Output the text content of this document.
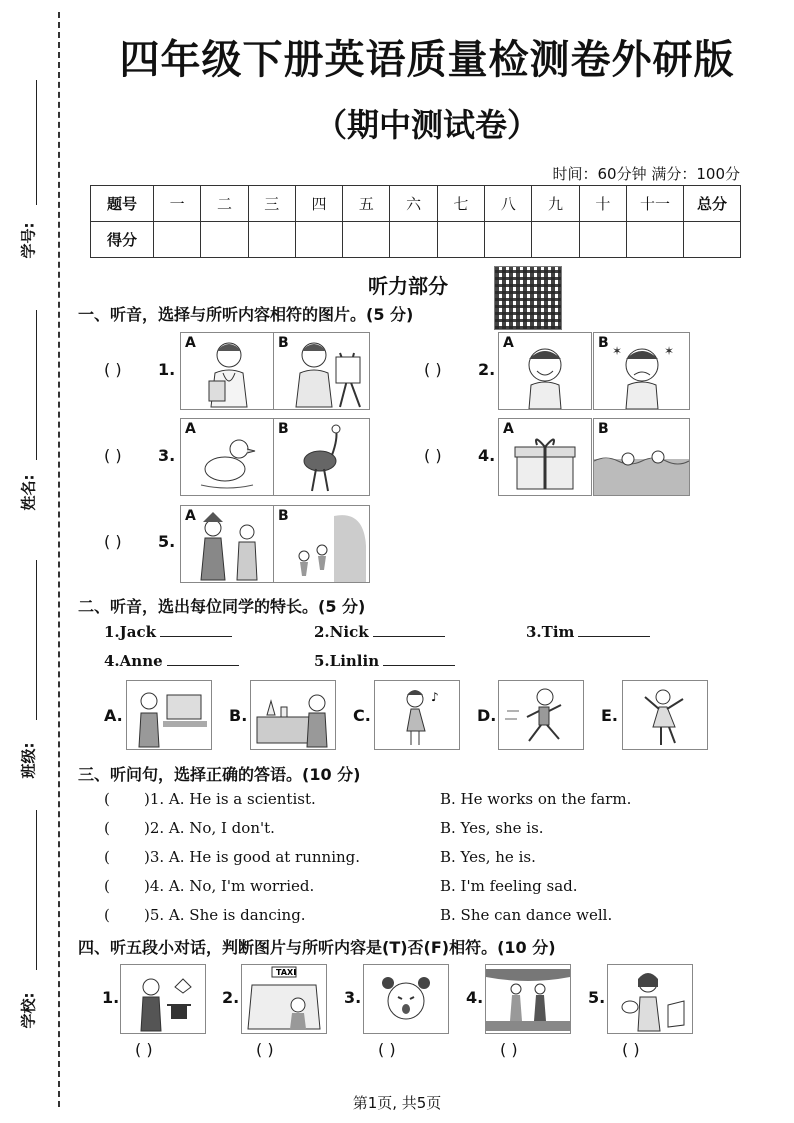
学号:
姓名:
班级:
学校:
四年级下册英语质量检测卷外研版
（期中测试卷）
时间：60分钟 满分：100分
题号	一	二	三	四	五	六	七	八	九	十	十一	总分
得分												
听力部分
一、听音，选择与所听内容相符的图片。(5 分)
( ) 1.
A	B
( ) 2.
A	B	✶
✶
( ) 3.
A	B
( ) 4.
A	B
( ) 5.
A	B
二、听音，选出每位同学的特长。(5 分)
1.Jack	2.Nick	3.Tim
4.Anne	5.Linlin
A.	B.	C.
♪
D.	E.
三、听问句，选择正确的答语。(10 分)
( )1. A. He is a scientist.	B. He works on the farm.
( )2. A. No, I don't.	B. Yes, she is.
( )3. A. He is good at running.	B. Yes, he is.
( )4. A. No, I'm worried.	B. I'm feeling sad.
( )5. A. She is dancing.	B. She can dance well.
四、听五段小对话，判断图片与所听内容是(T)否(F)相符。(10 分)
1.
( )
2.
TAXI
( )
3.
( )
4.
( )
5.
( )
第1页, 共5页
